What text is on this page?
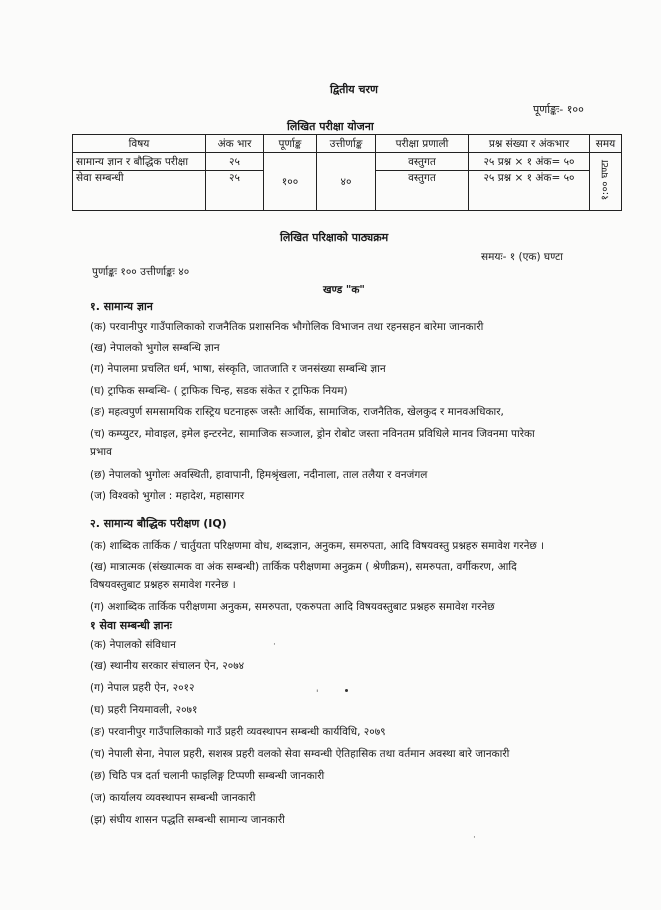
द्वितीय चरण
पूर्णाङ्कः- १००
लिखित परीक्षा योजना
विषय	अंक भार	पूर्णाङ्क	उत्तीर्णाङ्क	परीक्षा प्रणाली	प्रश्न संख्या र अंकभार	समय
सामान्य ज्ञान र बौद्धिक परीक्षा	२५	१००	४०	वस्तुगत	२५ प्रश्न × १ अंक= ५०	१:०० घण्टा
सेवा सम्बन्धी	२५			वस्तुगत	२५ प्रश्न × १ अंक= ५०	
लिखित परिक्षाको पाठ्यक्रम
समयः- १ (एक) घण्टा
पुर्णाङ्कः १०० उत्तीर्णाङ्कः ४०
खण्ड "क"
१. सामान्य ज्ञान
(क) परवानीपुर गाउँपालिकाको राजनैतिक प्रशासनिक भौगोलिक विभाजन तथा रहनसहन बारेमा जानकारी
(ख) नेपालको भुगोल सम्बन्धि ज्ञान
(ग) नेपालमा प्रचलित धर्म, भाषा, संस्कृति, जातजाति र जनसंख्या सम्बन्धि ज्ञान
(घ) ट्राफिक सम्बन्धि- ( ट्राफिक चिन्ह, सडक संकेत र ट्राफिक नियम)
(ङ) महत्वपुर्ण समसामयिक रास्ट्रिय घटनाहरू जस्तैः आर्थिक, सामाजिक, राजनैतिक, खेलकुद र मानवअधिकार,
(च) कम्प्युटर, मोवाइल, इमेल इन्टरनेट, सामाजिक सञ्जाल, ड्रोन रोबोट जस्ता नविनतम प्रविधिले मानव जिवनमा पारेका
प्रभाव
(छ) नेपालको भुगोलः अवस्थिती, हावापानी, हिमश्रृंखला, नदीनाला, ताल तलैया र वनजंगल
(ज) विश्वको भुगोल : महादेश, महासागर
२. सामान्य बौद्धिक परीक्षण (IQ)
(क) शाब्दिक तार्किक / चार्तुयता परिक्षणमा वोध, शब्दज्ञान, अनुकम, समरुपता, आदि विषयवस्तु प्रश्नहरु समावेश गरनेछ ।
(ख) मात्रात्मक (संख्यात्मक वा अंक सम्बन्धी) तार्किक परीक्षणमा अनुक्रम ( श्रेणीक्रम), समरुपता, वर्गीकरण, आदि
विषयवस्तुबाट प्रश्नहरु समावेश गरनेछ ।
(ग) अशाब्दिक तार्किक परीक्षणमा अनुकम, समरुपता, एकरुपता आदि विषयवस्तुबाट प्रश्नहरु समावेश गरनेछ
१ सेवा सम्बन्धी ज्ञानः
(क) नेपालको संविधान
(ख) स्थानीय सरकार संचालन ऐन, २०७४
(ग) नेपाल प्रहरी ऐन, २०१२
(घ) प्रहरी नियमावली, २०७१
(ङ) परवानीपुर गाउँपालिकाको गाउँ प्रहरी व्यवस्थापन सम्बन्धी कार्यविधि, २०७९
(च) नेपाली सेना, नेपाल प्रहरी, सशस्त्र प्रहरी वलको सेवा सम्वन्धी ऐतिहासिक तथा वर्तमान अवस्था बारे जानकारी
(छ) चिठि पत्र दर्ता चलानी फाइलिङ्ग टिप्पणी सम्बन्धी जानकारी
(ज) कार्यालय व्यवस्थापन सम्बन्धी जानकारी
(झ) संघीय शासन पद्धति सम्बन्धी सामान्य जानकारी
·
'
·
